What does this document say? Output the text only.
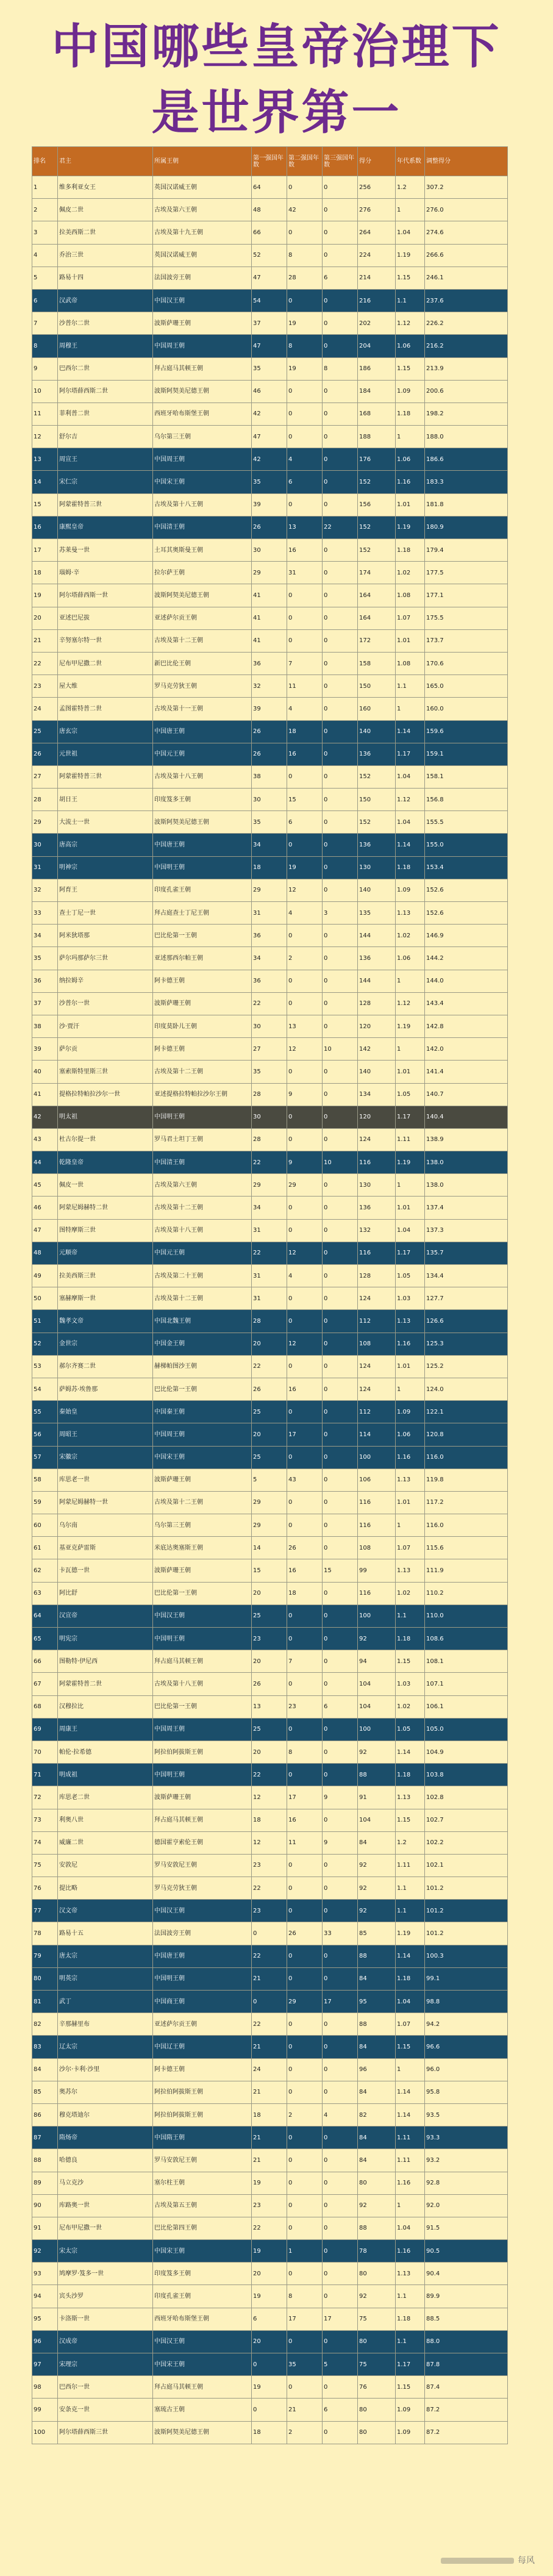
中国哪些皇帝治理下
是世界第一
排名	君主	所属王朝	第一强国年数	第二强国年数	第三强国年数	得分	年代系数	调整得分
1	维多利亚女王	英国汉诺威王朝	64	0	0	256	1.2	307.2
2	佩皮二世	古埃及第六王朝	48	42	0	276	1	276.0
3	拉美西斯二世	古埃及第十九王朝	66	0	0	264	1.04	274.6
4	乔治三世	英国汉诺威王朝	52	8	0	224	1.19	266.6
5	路易十四	法国波旁王朝	47	28	6	214	1.15	246.1
6	汉武帝	中国汉王朝	54	0	0	216	1.1	237.6
7	沙普尔二世	波斯萨珊王朝	37	19	0	202	1.12	226.2
8	周穆王	中国周王朝	47	8	0	204	1.06	216.2
9	巴西尔二世	拜占庭马其顿王朝	35	19	8	186	1.15	213.9
10	阿尔塔薛西斯二世	波斯阿契美尼德王朝	46	0	0	184	1.09	200.6
11	菲利普二世	西班牙哈布斯堡王朝	42	0	0	168	1.18	198.2
12	舒尔吉	乌尔第三王朝	47	0	0	188	1	188.0
13	周宣王	中国周王朝	42	4	0	176	1.06	186.6
14	宋仁宗	中国宋王朝	35	6	0	152	1.16	183.3
15	阿蒙霍特普三世	古埃及第十八王朝	39	0	0	156	1.01	181.8
16	康熙皇帝	中国清王朝	26	13	22	152	1.19	180.9
17	苏莱曼一世	土耳其奥斯曼王朝	30	16	0	152	1.18	179.4
18	瑙姆·辛	拉尔萨王朝	29	31	0	174	1.02	177.5
19	阿尔塔薛西斯一世	波斯阿契美尼德王朝	41	0	0	164	1.08	177.1
20	亚述巴尼拔	亚述萨尔贡王朝	41	0	0	164	1.07	175.5
21	辛努塞尔特一世	古埃及第十二王朝	41	0	0	172	1.01	173.7
22	尼布甲尼撒二世	新巴比伦王朝	36	7	0	158	1.08	170.6
23	屋大维	罗马克劳狄王朝	32	11	0	150	1.1	165.0
24	孟图霍特普二世	古埃及第十一王朝	39	4	0	160	1	160.0
25	唐玄宗	中国唐王朝	26	18	0	140	1.14	159.6
26	元世祖	中国元王朝	26	16	0	136	1.17	159.1
27	阿蒙霍特普三世	古埃及第十八王朝	38	0	0	152	1.04	158.1
28	胡日王	印度笈多王朝	30	15	0	150	1.12	156.8
29	大流士一世	波斯阿契美尼德王朝	35	6	0	152	1.04	155.5
30	唐高宗	中国唐王朝	34	0	0	136	1.14	155.0
31	明神宗	中国明王朝	18	19	0	130	1.18	153.4
32	阿育王	印度孔雀王朝	29	12	0	140	1.09	152.6
33	查士丁尼一世	拜占庭查士丁尼王朝	31	4	3	135	1.13	152.6
34	阿米狄塔那	巴比伦第一王朝	36	0	0	144	1.02	146.9
35	萨尔玛那萨尔三世	亚述那西尔帕王朝	34	2	0	136	1.06	144.2
36	纳拉姆辛	阿卡德王朝	36	0	0	144	1	144.0
37	沙普尔一世	波斯萨珊王朝	22	0	0	128	1.12	143.4
38	沙·贾汗	印度莫卧儿王朝	30	13	0	120	1.19	142.8
39	萨尔贡	阿卡德王朝	27	12	10	142	1	142.0
40	塞索斯特里斯三世	古埃及第十二王朝	35	0	0	140	1.01	141.4
41	提格拉特帕拉沙尔一世	亚述提格拉特帕拉沙尔王朝	28	9	0	134	1.05	140.7
42	明太祖	中国明王朝	30	0	0	120	1.17	140.4
43	杜古尔提一世	罗马君士坦丁王朝	28	0	0	124	1.11	138.9
44	乾隆皇帝	中国清王朝	22	9	10	116	1.19	138.0
45	佩皮一世	古埃及第六王朝	29	29	0	130	1	138.0
46	阿蒙尼姆赫特二世	古埃及第十二王朝	34	0	0	136	1.01	137.4
47	图特摩斯三世	古埃及第十八王朝	31	0	0	132	1.04	137.3
48	元顺帝	中国元王朝	22	12	0	116	1.17	135.7
49	拉美西斯三世	古埃及第二十王朝	31	4	0	128	1.05	134.4
50	塞赫摩斯一世	古埃及第十二王朝	31	0	0	124	1.03	127.7
51	魏孝文帝	中国北魏王朝	28	0	0	112	1.13	126.6
52	金世宗	中国金王朝	20	12	0	108	1.16	125.3
53	郝尔齐赛二世	赫梯帕图沙王朝	22	0	0	124	1.01	125.2
54	萨姆苏·埃鲁那	巴比伦第一王朝	26	16	0	124	1	124.0
55	秦始皇	中国秦王朝	25	0	0	112	1.09	122.1
56	周昭王	中国周王朝	20	17	0	114	1.06	120.8
57	宋徽宗	中国宋王朝	25	0	0	100	1.16	116.0
58	库思老一世	波斯萨珊王朝	5	43	0	106	1.13	119.8
59	阿蒙尼姆赫特一世	古埃及第十二王朝	29	0	0	116	1.01	117.2
60	乌尔南	乌尔第三王朝	29	0	0	116	1	116.0
61	基亚克萨雷斯	米底达奥塞斯王朝	14	26	0	108	1.07	115.6
62	卡瓦德一世	波斯萨珊王朝	15	16	15	99	1.13	111.9
63	阿比舒	巴比伦第一王朝	20	18	0	116	1.02	110.2
64	汉宣帝	中国汉王朝	25	0	0	100	1.1	110.0
65	明宪宗	中国明王朝	23	0	0	92	1.18	108.6
66	图勒特·伊尼西	拜占庭马其顿王朝	20	7	0	94	1.15	108.1
67	阿蒙霍特普二世	古埃及第十八王朝	26	0	0	104	1.03	107.1
68	汉穆拉比	巴比伦第一王朝	13	23	6	104	1.02	106.1
69	周康王	中国周王朝	25	0	0	100	1.05	105.0
70	帕伦·拉希德	阿拉伯阿拔斯王朝	20	8	0	92	1.14	104.9
71	明成祖	中国明王朝	22	0	0	88	1.18	103.8
72	库思老二世	波斯萨珊王朝	12	17	9	91	1.13	102.8
73	利奥八世	拜占庭马其顿王朝	18	16	0	104	1.15	102.7
74	威廉二世	德国霍亨索伦王朝	12	11	9	84	1.2	102.2
75	安敦尼	罗马安敦尼王朝	23	0	0	92	1.11	102.1
76	提比略	罗马克劳狄王朝	22	0	0	92	1.1	101.2
77	汉文帝	中国汉王朝	23	0	0	92	1.1	101.2
78	路易十五	法国波旁王朝	0	26	33	85	1.19	101.2
79	唐太宗	中国唐王朝	22	0	0	88	1.14	100.3
80	明英宗	中国明王朝	21	0	0	84	1.18	99.1
81	武丁	中国商王朝	0	29	17	95	1.04	98.8
82	辛那赫里布	亚述萨尔贡王朝	22	0	0	88	1.07	94.2
83	辽太宗	中国辽王朝	21	0	0	84	1.15	96.6
84	沙尔·卡利·沙里	阿卡德王朝	24	0	0	96	1	96.0
85	奥苏尔	阿拉伯阿拔斯王朝	21	0	0	84	1.14	95.8
86	穆克塔迪尔	阿拉伯阿拔斯王朝	18	2	4	82	1.14	93.5
87	隋炀帝	中国隋王朝	21	0	0	84	1.11	93.3
88	哈德良	罗马安敦尼王朝	21	0	0	84	1.11	93.2
89	马立克沙	塞尔柱王朝	19	0	0	80	1.16	92.8
90	库路奥一世	古埃及第五王朝	23	0	0	92	1	92.0
91	尼布甲尼撒一世	巴比伦第四王朝	22	0	0	88	1.04	91.5
92	宋太宗	中国宋王朝	19	1	0	78	1.16	90.5
93	鸠摩罗·笈多一世	印度笈多王朝	20	0	0	80	1.13	90.4
94	宾头沙罗	印度孔雀王朝	19	8	0	92	1.1	89.9
95	卡洛斯一世	西班牙哈布斯堡王朝	6	17	17	75	1.18	88.5
96	汉成帝	中国汉王朝	20	0	0	80	1.1	88.0
97	宋理宗	中国宋王朝	0	35	5	75	1.17	87.8
98	巴西尔一世	拜占庭马其顿王朝	19	0	0	76	1.15	87.4
99	安条克一世	塞琉古王朝	0	21	6	80	1.09	87.2
100	阿尔塔薛西斯三世	波斯阿契美尼德王朝	18	2	0	80	1.09	87.2
每风
